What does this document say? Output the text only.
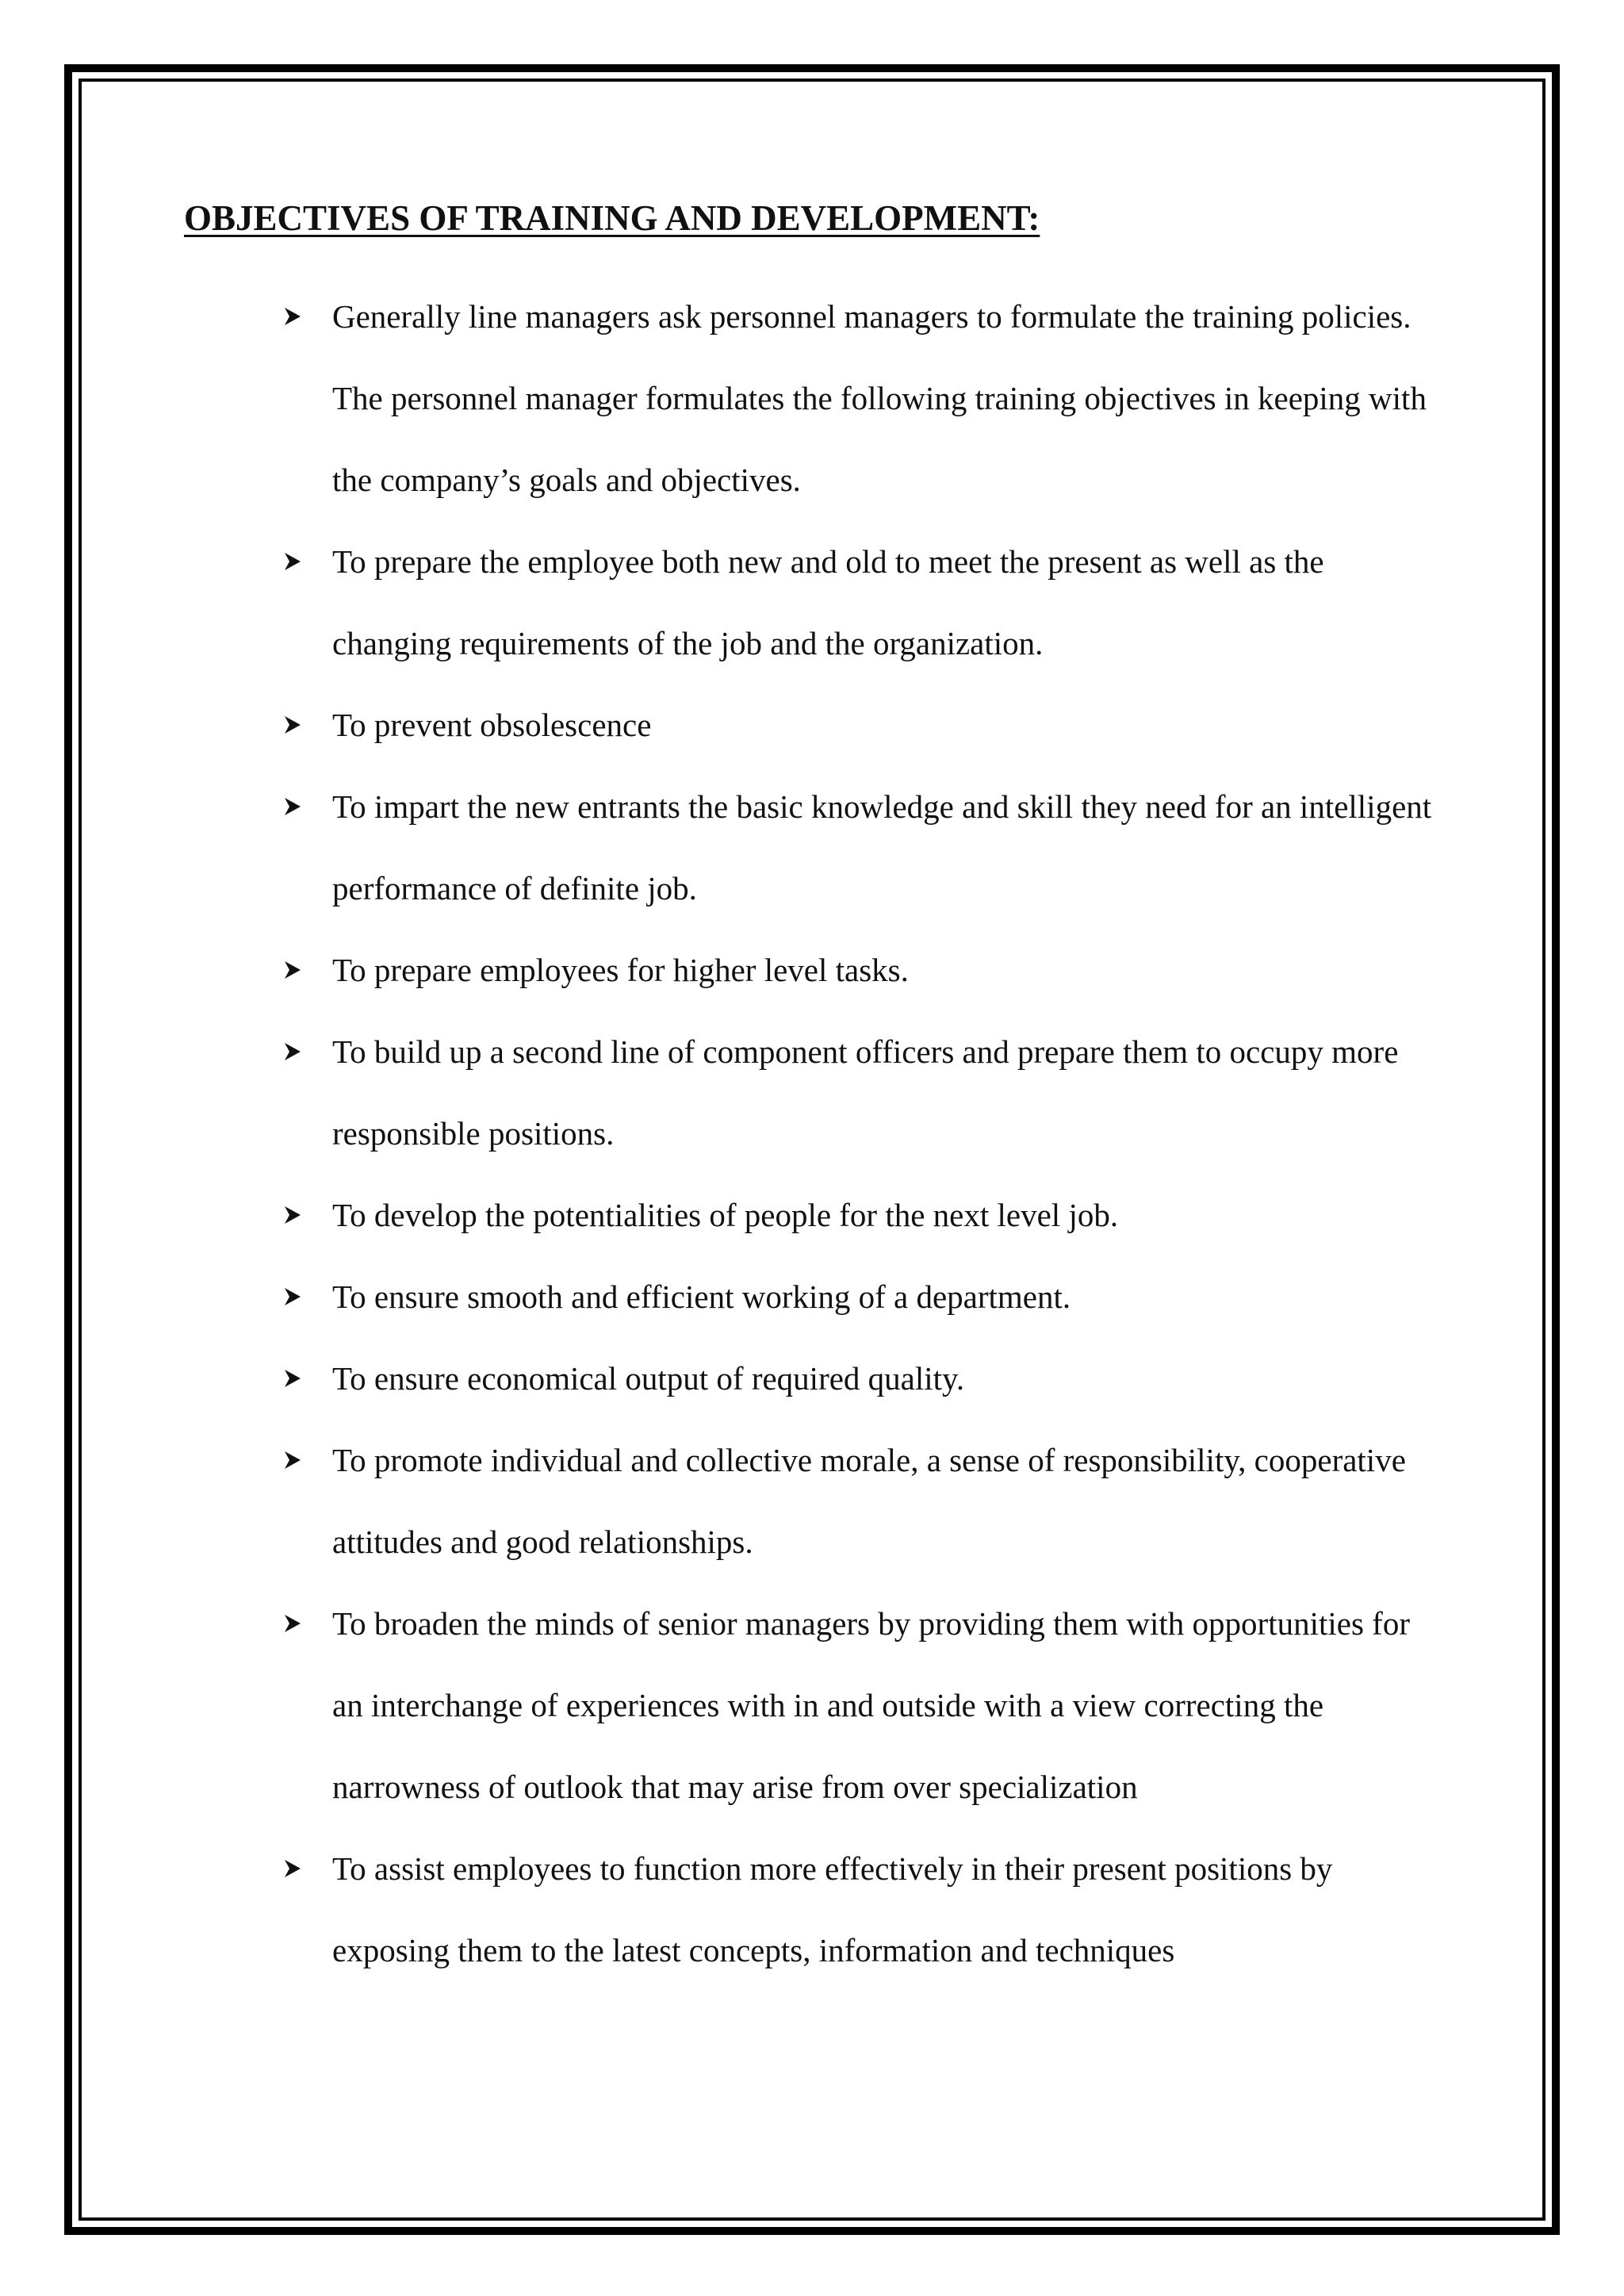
OBJECTIVES OF TRAINING AND DEVELOPMENT:
Generally line managers ask personnel managers to formulate the training policies. The personnel manager formulates the following training objectives in keeping with the company’s goals and objectives.
To prepare the employee both new and old to meet the present as well as the changing requirements of the job and the organization.
To prevent obsolescence
To impart the new entrants the basic knowledge and skill they need for an intelligent performance of definite job.
To prepare employees for higher level tasks.
To build up a second line of component officers and prepare them to occupy more responsible positions.
To develop the potentialities of people for the next level job.
To ensure smooth and efficient working of a department.
To ensure economical output of required quality.
To promote individual and collective morale, a sense of responsibility, cooperative attitudes and good relationships.
To broaden the minds of senior managers by providing them with opportunities for an interchange of experiences with in and outside with a view correcting the narrowness of outlook that may arise from over specialization
To assist employees to function more effectively in their present positions by exposing them to the latest concepts, information and techniques
